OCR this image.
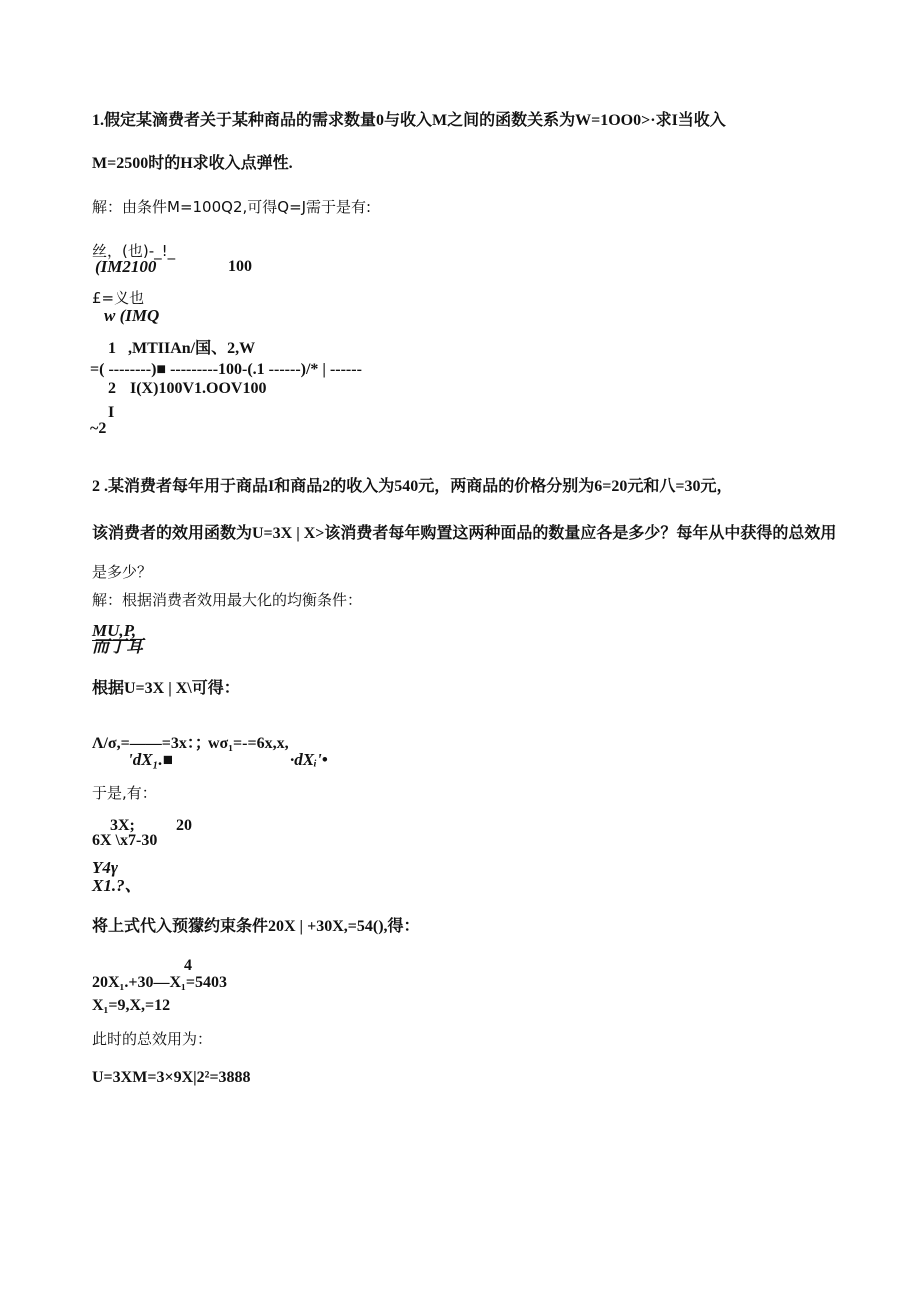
1.假定某滴费者关于某种商品的需求数量0与收入M之间的函数关系为W=1OO0>·求I当收入
M=2500时的H求收入点弹性.
解：由条件M=100Q2,可得Q=J需于是有:
丝，(也)-_!_
(IM2100	100
£=义也
w (IMQ
1 ,MTIIAn/国、2,W
=( --------)■ ---------100-(.1 ------)/* | ------
2 I(X)100V1.OOV100
I
~2
2 .某消费者每年用于商品I和商品2的收入为540元，两商品的价格分别为6=20元和八=30元，
该消费者的效用函数为U=3X | X>该消费者每年购置这两种面品的数量应各是多少？每年从中获得的总效用
是多少？
解：根据消费者效用最大化的均衡条件：
MU,P,
而丁耳
根据U=3X | X\可得：
Λ/σ,=——=3x：；
wσ₁=-=6x,x,
'dX₁.■	·dXᵢ'•
于是,有：
3X;	20
6X \x7-30
Y4γ
X1.?、
将上式代入预獴约束条件20X | +30X,=54(),得：
4
20X₁.+30—X₁=5403
X₁=9,X,=12
此时的总效用为：
U=3XM=3×9X|2²=3888
